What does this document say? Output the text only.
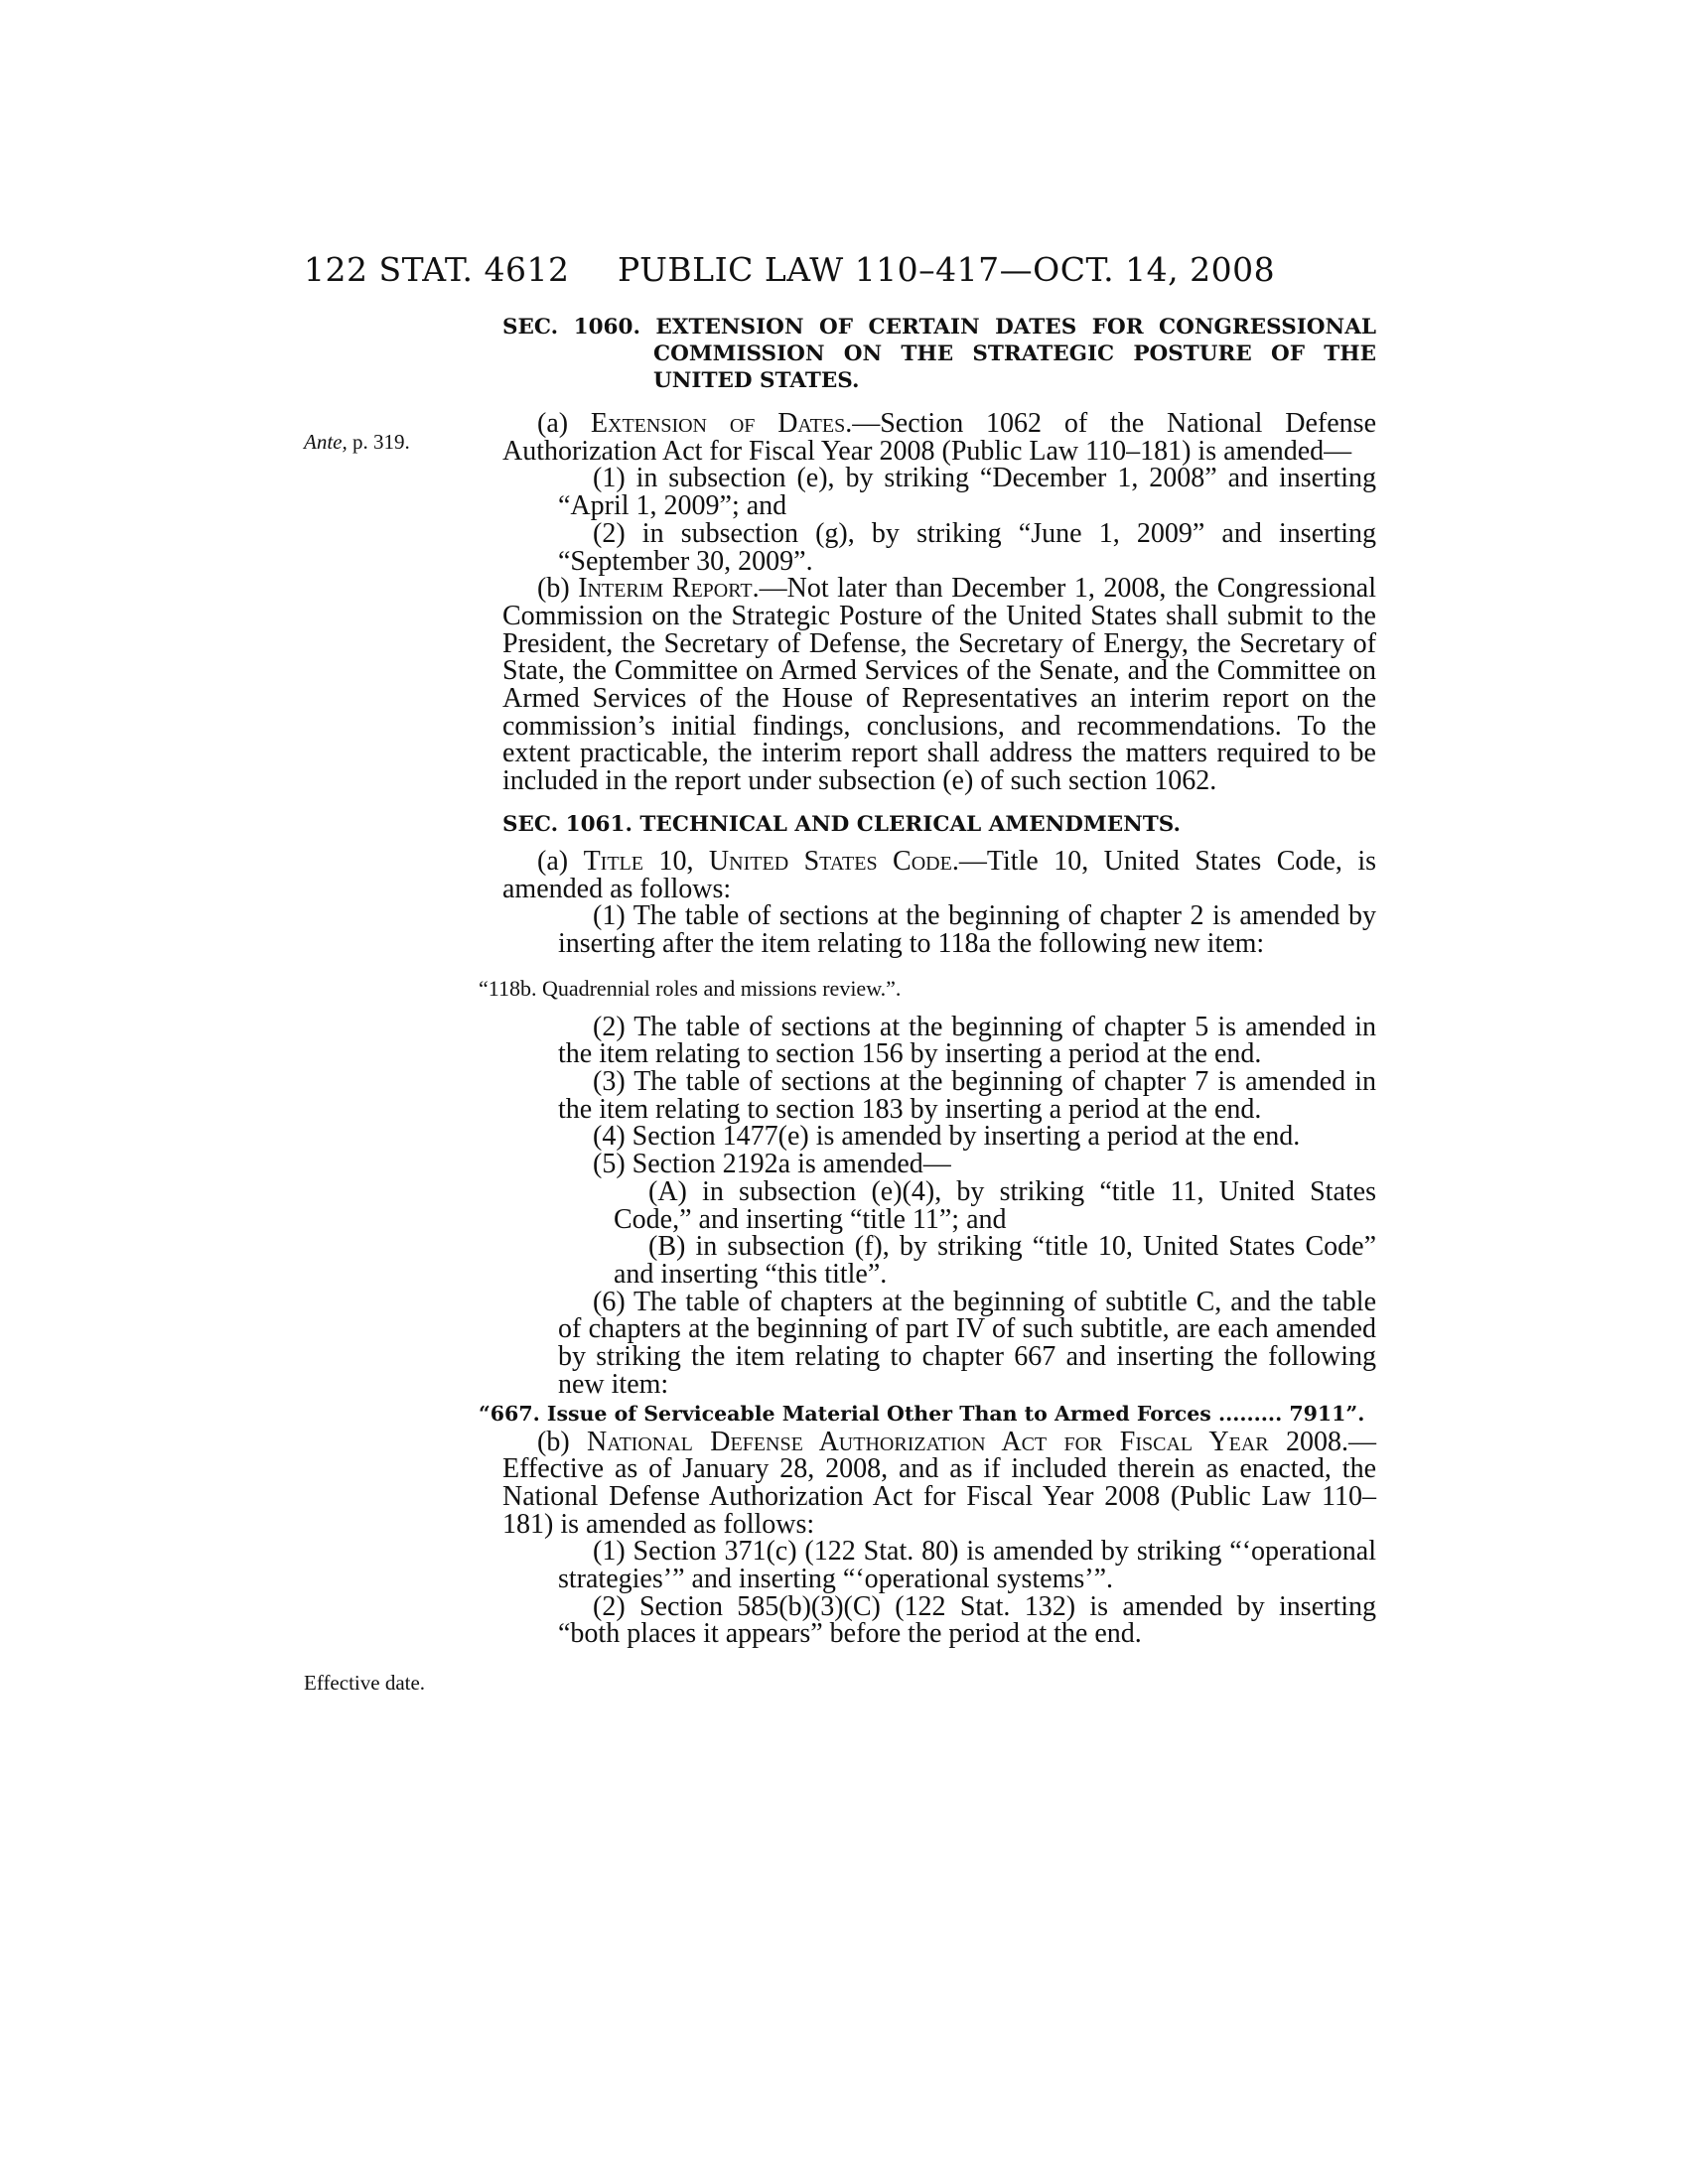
122 STAT. 4612 PUBLIC LAW 110–417—OCT. 14, 2008
Ante, p. 319.
Effective date.
SEC. 1060. EXTENSION OF CERTAIN DATES FOR CONGRESSIONAL
COMMISSION ON THE STRATEGIC POSTURE OF THE
UNITED STATES.

(a) Extension of Dates.—Section 1062 of the National Defense Authorization Act for Fiscal Year 2008 (Public Law 110–181) is amended—

(1) in subsection (e), by striking “December 1, 2008” and inserting “April 1, 2009”; and

(2) in subsection (g), by striking “June 1, 2009” and inserting “September 30, 2009”.

(b) Interim Report.—Not later than December 1, 2008, the Congressional Commission on the Strategic Posture of the United States shall submit to the President, the Secretary of Defense, the Secretary of Energy, the Secretary of State, the Committee on Armed Services of the Senate, and the Committee on Armed Services of the House of Representatives an interim report on the commission’s initial findings, conclusions, and recommendations. To the extent practicable, the interim report shall address the matters required to be included in the report under subsection (e) of such section 1062.

SEC. 1061. TECHNICAL AND CLERICAL AMENDMENTS.

(a) Title 10, United States Code.—Title 10, United States Code, is amended as follows:

(1) The table of sections at the beginning of chapter 2 is amended by inserting after the item relating to 118a the following new item:

“118b. Quadrennial roles and missions review.”.

(2) The table of sections at the beginning of chapter 5 is amended in the item relating to section 156 by inserting a period at the end.

(3) The table of sections at the beginning of chapter 7 is amended in the item relating to section 183 by inserting a period at the end.

(4) Section 1477(e) is amended by inserting a period at the end.

(5) Section 2192a is amended—

(A) in subsection (e)(4), by striking “title 11, United States Code,” and inserting “title 11”; and

(B) in subsection (f), by striking “title 10, United States Code” and inserting “this title”.

(6) The table of chapters at the beginning of subtitle C, and the table of chapters at the beginning of part IV of such subtitle, are each amended by striking the item relating to chapter 667 and inserting the following new item:

“667. Issue of Serviceable Material Other Than to Armed Forces ......... 7911”.

(b) National Defense Authorization Act for Fiscal Year 2008.—Effective as of January 28, 2008, and as if included therein as enacted, the National Defense Authorization Act for Fiscal Year 2008 (Public Law 110–181) is amended as follows:

(1) Section 371(c) (122 Stat. 80) is amended by striking “‘operational strategies’” and inserting “‘operational systems’”.

(2) Section 585(b)(3)(C) (122 Stat. 132) is amended by inserting “both places it appears” before the period at the end.
